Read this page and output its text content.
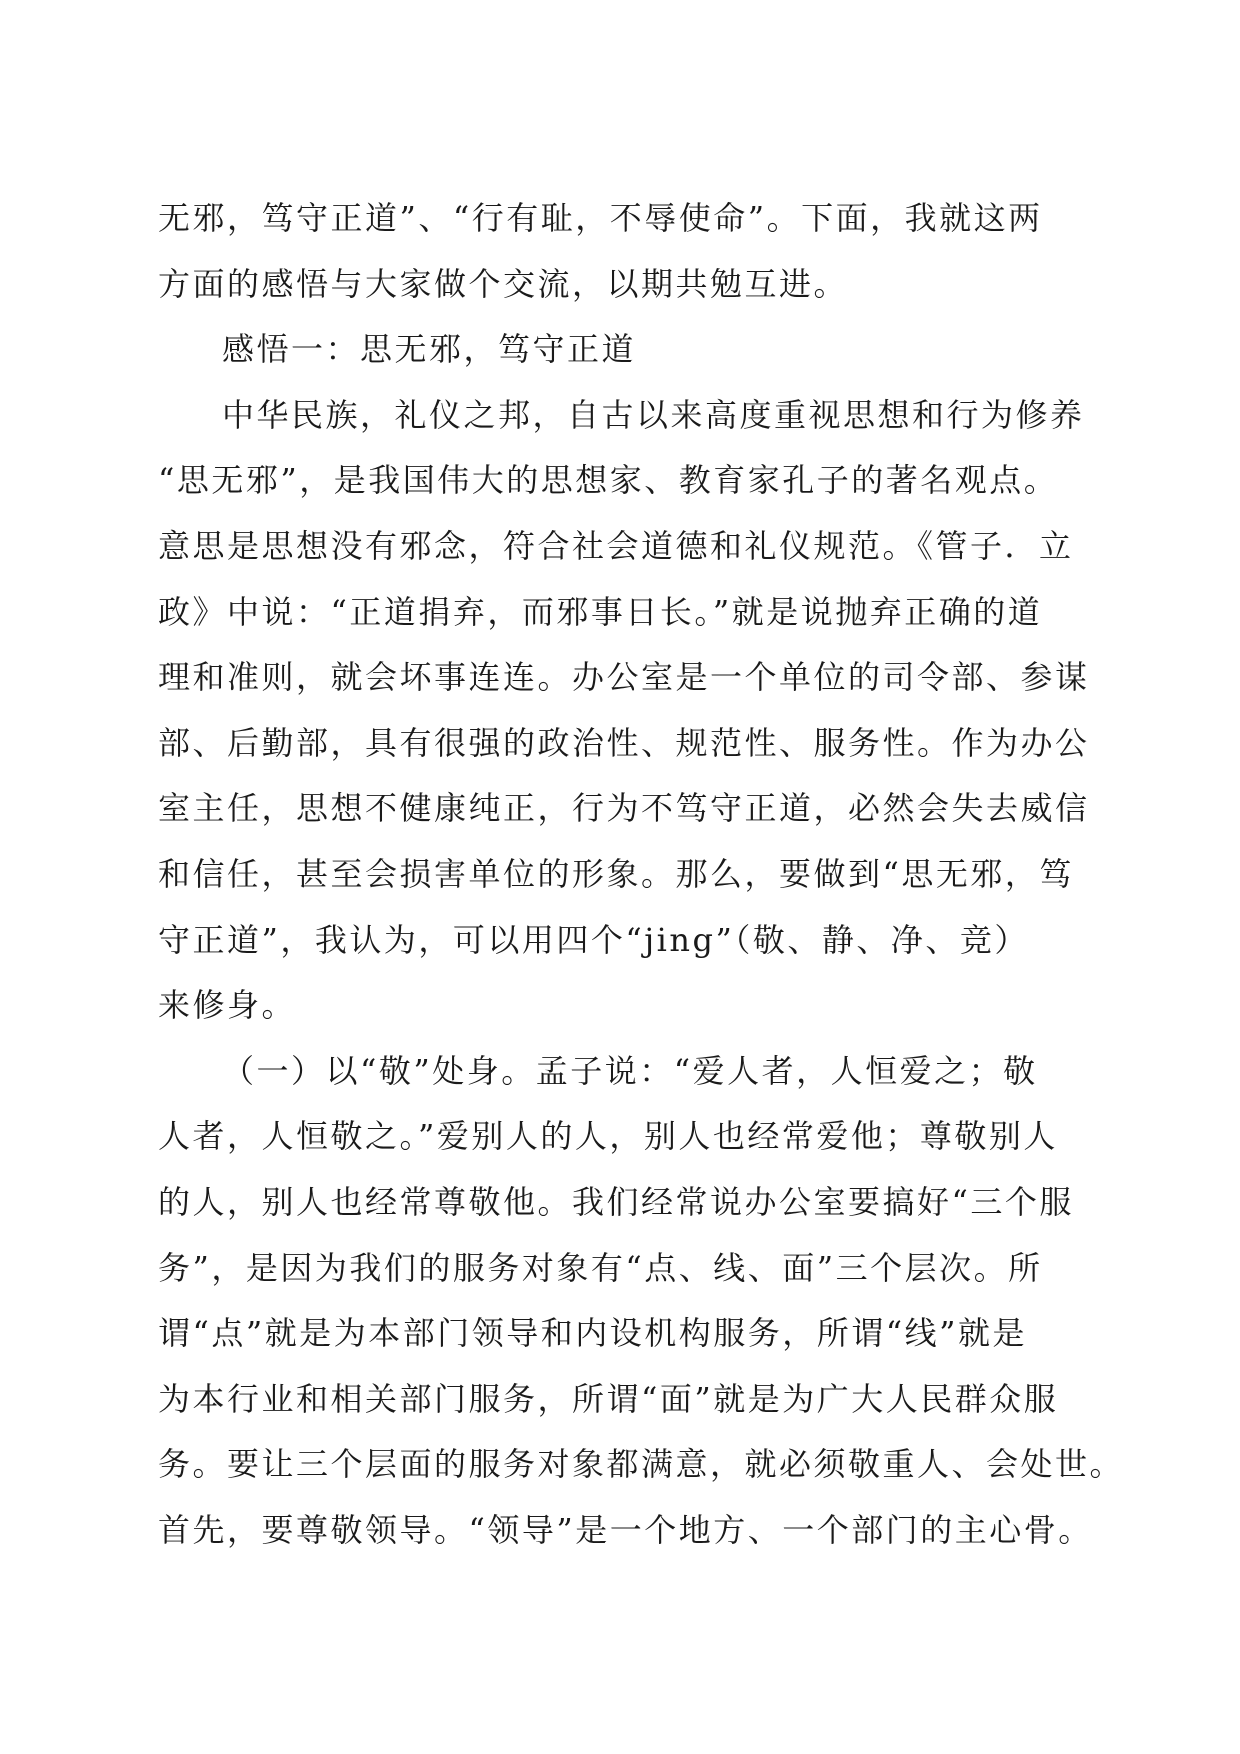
无邪，笃守正道”、“行有耻，不辱使命”。下面，我就这两
方面的感悟与大家做个交流，以期共勉互进。
感悟一：思无邪，笃守正道
中华民族，礼仪之邦，自古以来高度重视思想和行为修养
“思无邪”，是我国伟大的思想家、教育家孔子的著名观点。
意思是思想没有邪念，符合社会道德和礼仪规范。《管子．立
政》中说：“正道捐弃，而邪事日长。”就是说抛弃正确的道
理和准则，就会坏事连连。办公室是一个单位的司令部、参谋
部、后勤部，具有很强的政治性、规范性、服务性。作为办公
室主任，思想不健康纯正，行为不笃守正道，必然会失去威信
和信任，甚至会损害单位的形象。那么，要做到“思无邪，笃
守正道”，我认为，可以用四个“jing”（敬、静、净、竞）
来修身。
（一）以“敬”处身。孟子说：“爱人者，人恒爱之；敬
人者，人恒敬之。”爱别人的人，别人也经常爱他；尊敬别人
的人，别人也经常尊敬他。我们经常说办公室要搞好“三个服
务”，是因为我们的服务对象有“点、线、面”三个层次。所
谓“点”就是为本部门领导和内设机构服务，所谓“线”就是
为本行业和相关部门服务，所谓“面”就是为广大人民群众服
务。要让三个层面的服务对象都满意，就必须敬重人、会处世。
首先，要尊敬领导。“领导”是一个地方、一个部门的主心骨。
